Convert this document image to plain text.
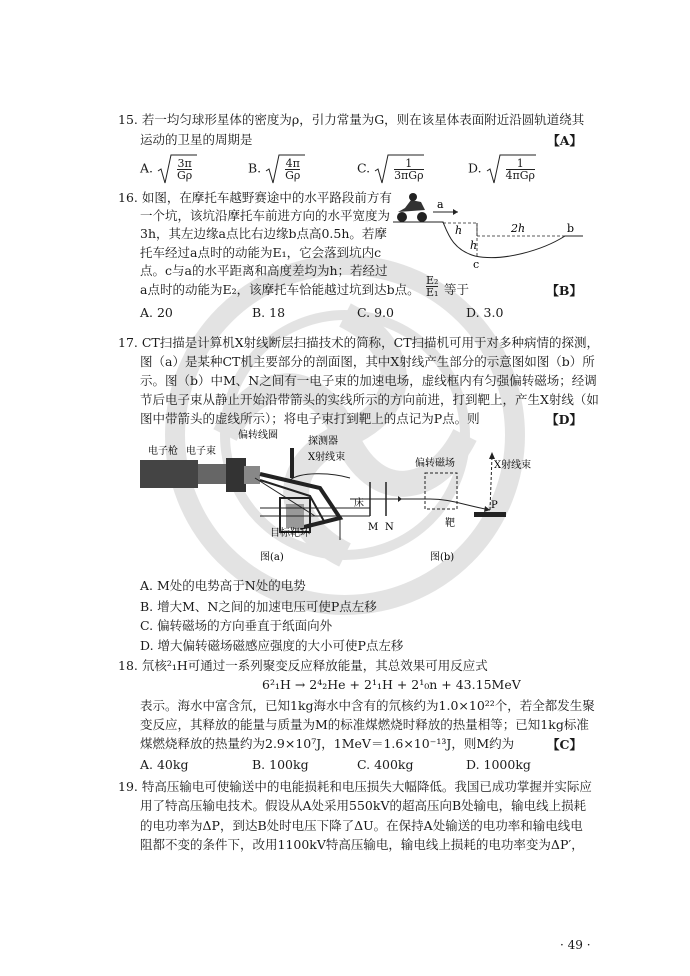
15. 若一均匀球形星体的密度为ρ，引力常量为G，则在该星体表面附近沿圆轨道绕其
运动的卫星的周期是	【A】
A. $\frac{3\pi}{G\rho}$	B. $\frac{4\pi}{G\rho}$	C. $\frac{1}{\text{3πGρ}}$	D. $\frac{1}{\text{4πGρ}}$
16. 如图，在摩托车越野赛途中的水平路段前方有
一个坑，该坑沿摩托车前进方向的水平宽度为
3h，其左边缘a点比右边缘b点高0.5h。若摩
托车经过a点时的动能为E₁，它会落到坑内c
点。c与a的水平距离和高度差均为h；若经过
a点时的动能为E₂，该摩托车恰能越过坑到达b点。 $\frac{\text{E₂}}{\text{E₁}}$ 等于	【B】
A. 20	B. 18	C. 9.0	D. 3.0
a
h
h
2h	b
c
17. CT扫描是计算机X射线断层扫描技术的简称，CT扫描机可用于对多种病情的探测，
图（a）是某种CT机主要部分的剖面图，其中X射线产生部分的示意图如图（b）所
示。图（b）中M、N之间有一电子束的加速电场，虚线框内有匀强偏转磁场；经调
节后电子束从静止开始沿带箭头的实线所示的方向前进，打到靶上，产生X射线（如
图中带箭头的虚线所示）；将电子束打到靶上的点记为P点。则	【D】
偏转线圈
电子枪 电子束
探测器
X射线束
床
目标靶环
图(a)
M N
偏转磁场	X射线束
P
靶
图(b)
A. M处的电势高于N处的电势
B. 增大M、N之间的加速电压可使P点左移
C. 偏转磁场的方向垂直于纸面向外
D. 增大偏转磁场磁感应强度的大小可使P点左移
18. 氘核²₁H可通过一系列聚变反应释放能量，其总效果可用反应式
6²₁H → 2⁴₂He + 2¹₁H + 2¹₀n + 43.15MeV
表示。海水中富含氘，已知1kg海水中含有的氘核约为1.0×10²²个，若全都发生聚
变反应，其释放的能量与质量为M的标准煤燃烧时释放的热量相等；已知1kg标准
煤燃烧释放的热量约为2.9×10⁷J，1MeV＝1.6×10⁻¹³J，则M约为	【C】
A. 40kg	B. 100kg	C. 400kg	D. 1000kg
19. 特高压输电可使输送中的电能损耗和电压损失大幅降低。我国已成功掌握并实际应
用了特高压输电技术。假设从A处采用550kV的超高压向B处输电，输电线上损耗
的电功率为ΔP，到达B处时电压下降了ΔU。在保持A处输送的电功率和输电线电
阻都不变的条件下，改用1100kV特高压输电，输电线上损耗的电功率变为ΔP′，
· 49 ·
